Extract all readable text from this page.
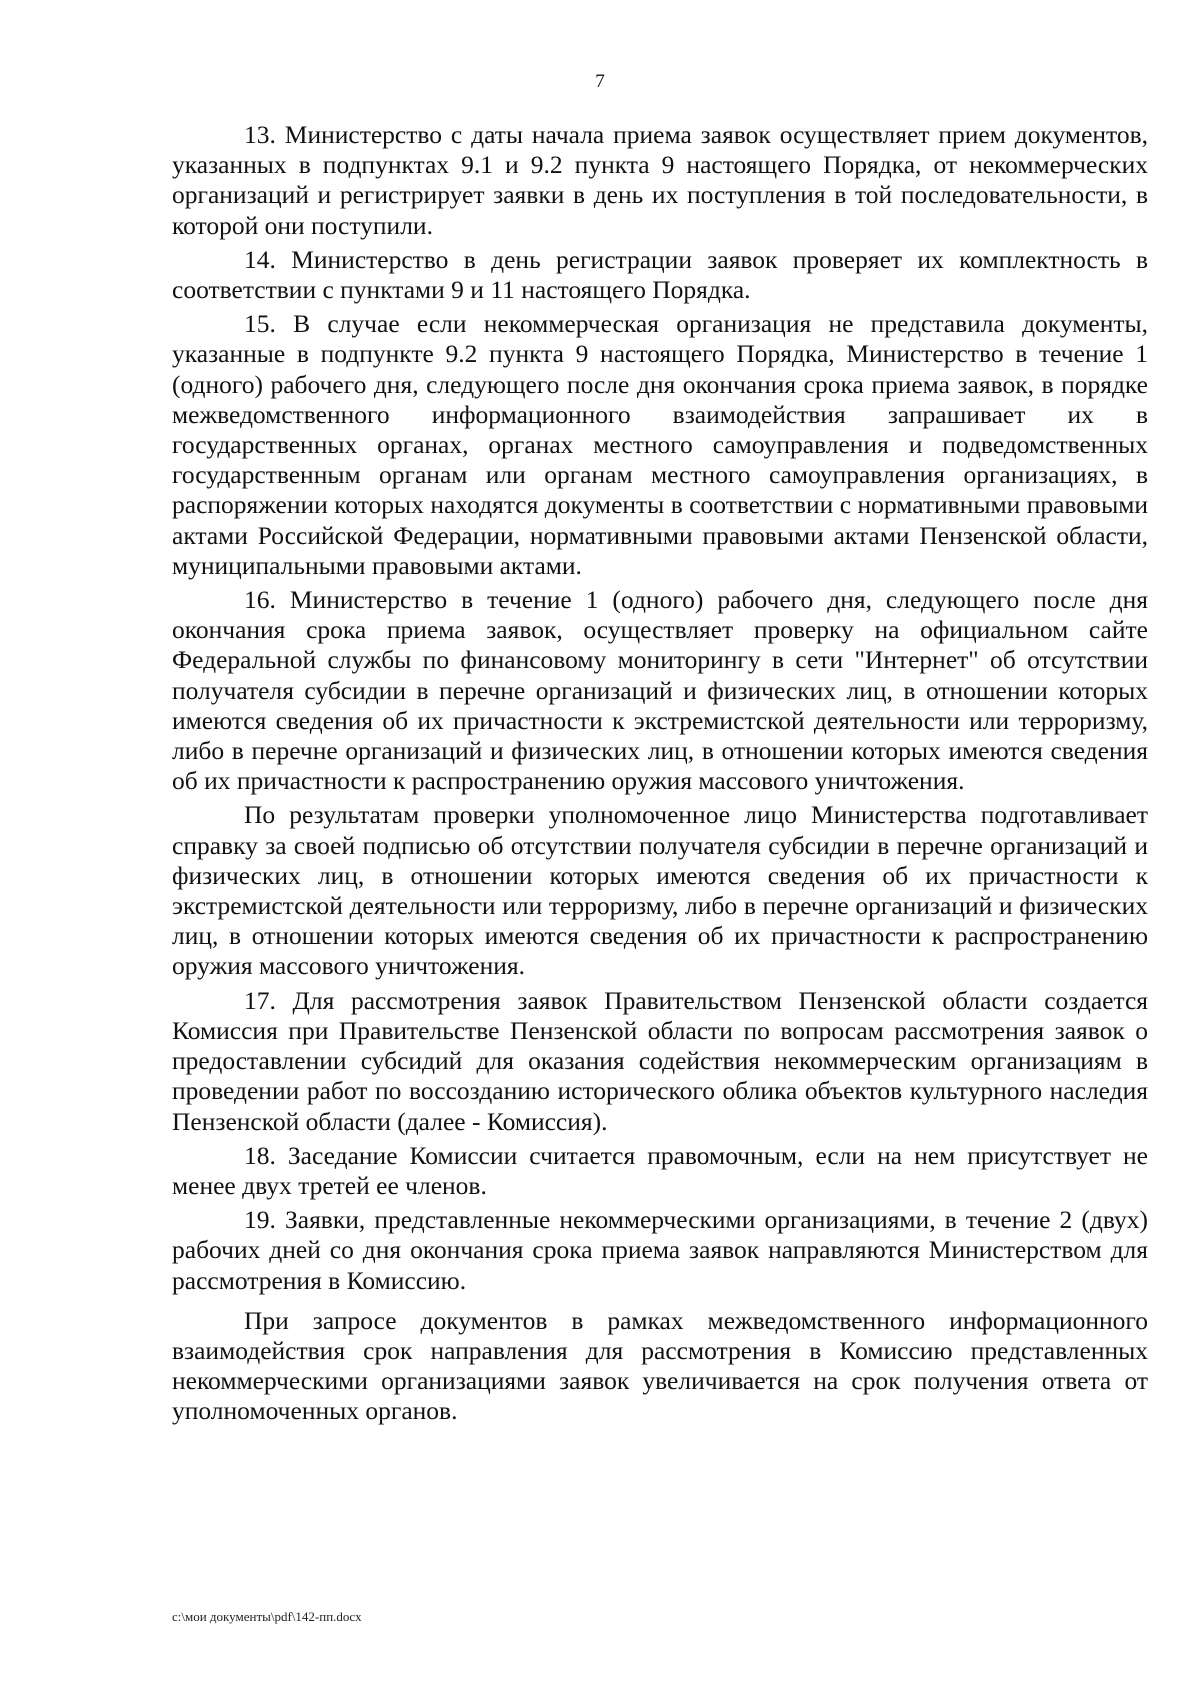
7

13. Министерство с даты начала приема заявок осуществляет прием документов, указанных в подпунктах 9.1 и 9.2 пункта 9 настоящего Порядка, от некоммерческих организаций и регистрирует заявки в день их поступления в той последовательности, в которой они поступили.

14. Министерство в день регистрации заявок проверяет их комплектность в соответствии с пунктами 9 и 11 настоящего Порядка.

15. В случае если некоммерческая организация не представила документы, указанные в подпункте 9.2 пункта 9 настоящего Порядка, Министерство в течение 1 (одного) рабочего дня, следующего после дня окончания срока приема заявок, в порядке межведомственного информационного взаимодействия запрашивает их в государственных органах, органах местного самоуправления и подведомственных государственным органам или органам местного самоуправления организациях, в распоряжении которых находятся документы в соответствии с нормативными правовыми актами Российской Федерации, нормативными правовыми актами Пензенской области, муниципальными правовыми актами.

16. Министерство в течение 1 (одного) рабочего дня, следующего после дня окончания срока приема заявок, осуществляет проверку на официальном сайте Федеральной службы по финансовому мониторингу в сети "Интернет" об отсутствии получателя субсидии в перечне организаций и физических лиц, в отношении которых имеются сведения об их причастности к экстремистской деятельности или терроризму, либо в перечне организаций и физических лиц, в отношении которых имеются сведения об их причастности к распространению оружия массового уничтожения.

По результатам проверки уполномоченное лицо Министерства подготавливает справку за своей подписью об отсутствии получателя субсидии в перечне организаций и физических лиц, в отношении которых имеются сведения об их причастности к экстремистской деятельности или терроризму, либо в перечне организаций и физических лиц, в отношении которых имеются сведения об их причастности к распространению оружия массового уничтожения.

17. Для рассмотрения заявок Правительством Пензенской области создается Комиссия при Правительстве Пензенской области по вопросам рассмотрения заявок о предоставлении субсидий для оказания содействия некоммерческим организациям в проведении работ по воссозданию исторического облика объектов культурного наследия Пензенской области (далее - Комиссия).

18. Заседание Комиссии считается правомочным, если на нем присутствует не менее двух третей ее членов.

19. Заявки, представленные некоммерческими организациями, в течение 2 (двух) рабочих дней со дня окончания срока приема заявок направляются Министерством для рассмотрения в Комиссию.

При запросе документов в рамках межведомственного информационного взаимодействия срок направления для рассмотрения в Комиссию представленных некоммерческими организациями заявок увеличивается на срок получения ответа от уполномоченных органов.

c:\мои документы\pdf\142-пп.docx
